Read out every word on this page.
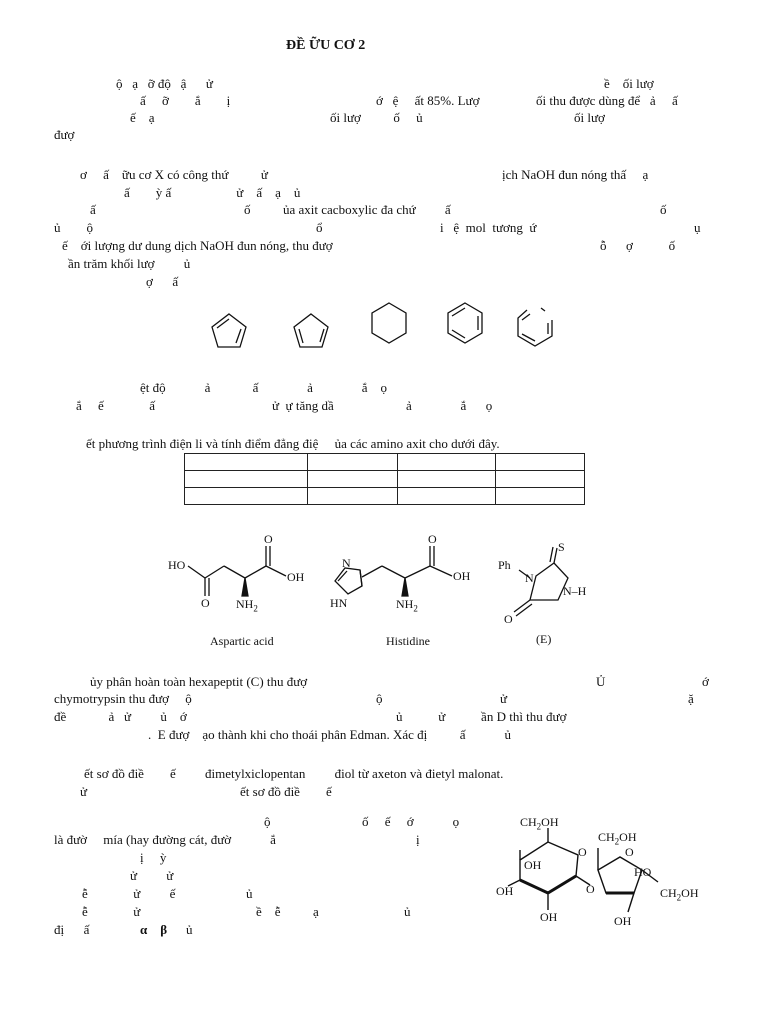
ĐỀ ỮU CƠ 2
ộ   ạ   ỡ độ   ậ      ử	ề    ối lượ
ấ     ỡ        ắ        ị	ớ   ệ     ất 85%. Lượ	ối thu được dùng để   ả     ấ
ế    ạ	ối lượ          ố     ủ	ối lượ
đượ
ơ     ấ    ữu cơ X có công thứ          ử	ịch NaOH đun nóng thấ     ạ
ấ        ỳ ấ                    ử    ấ    ạ    ủ
ấ	ố          ủa axit cacboxylic đa chứ         ấ	ố
ủ        ộ	ổ	i   ệ  mol  tương  ứ	ụ
ế    ới lượng dư dung dịch NaOH đun nóng, thu đượ	ỗ      ợ           ố
ần trăm khối lượ         ủ
ợ      ấ
ệt độ            ả             ấ               ả               ắ    ọ
ắ     ế              ấ	ử  ự tăng dầ	ả               ắ      ọ
ết phương trình điện li và tính điểm đẳng điệ     ủa các amino axit cho dưới đây.

ủy phân hoàn toàn hexapeptit (C) thu đượ	Ủ	ớ
chymotrypsin thu đượ     ộ	ộ	ử	ặ
đề             ả   ử         ủ    ớ	ủ           ử           ần D thì thu đượ
.  E đượ    ạo thành khi cho thoái phân Edman. Xác đị          ấ            ủ
ết sơ đồ điề        ế         đimetylxiclopentan         điol từ axeton và đietyl malonat.
ử	ết sơ đồ điề        ế
ộ	ố     ế     ớ            ọ
là đườ     mía (hay đường cát, đườ            ắ	ị
ị     ỳ
ử         ử
ễ              ử         ế	ủ
ễ              ử	ề    ễ          ạ	ủ
đị      ấ	α    β ủ
HO
O
O
OH
$NH_2$
Aspartic acid
N
HN
O
OH
$NH_2$
Histidine
Ph
N
S
N–H
O
(E)
$CH_2OH$
$CH_2OH$
O	O
OH
OH	O
OH
HO
$CH_2OH$
OH
